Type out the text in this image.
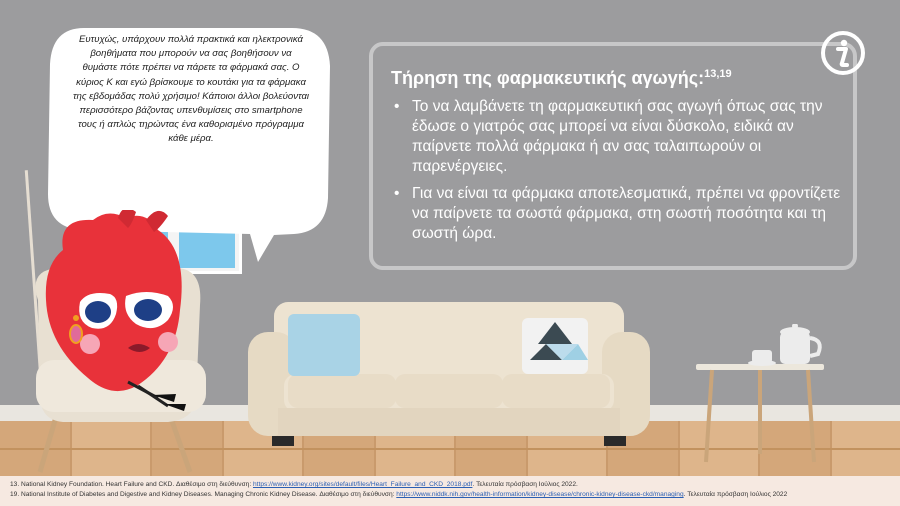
Ευτυχώς, υπάρχουν πολλά πρακτικά και ηλεκτρονικά βοηθήματα που μπορούν να σας βοηθήσουν να θυμάστε πότε πρέπει να πάρετε τα φάρμακά σας. Ο κύριος Κ και εγώ βρίσκουμε το κουτάκι για τα φάρμακα της εβδομάδας πολύ χρήσιμο! Κάποιοι άλλοι βολεύονται περισσότερο βάζοντας υπενθυμίσεις στο smartphone τους ή απλώς τηρώντας ένα καθορισμένο πρόγραμμα κάθε μέρα.
Τήρηση της φαρμακευτικής αγωγής:$^{13,19}$
• Το να λαμβάνετε τη φαρμακευτική σας αγωγή όπως σας την έδωσε ο γιατρός σας μπορεί να είναι δύσκολο, ειδικά αν παίρνετε πολλά φάρμακα ή αν σας ταλαιπωρούν οι παρενέργειες.
• Για να είναι τα φάρμακα αποτελεσματικά, πρέπει να φροντίζετε να παίρνετε τα σωστά φάρμακα, στη σωστή ποσότητα και τη σωστή ώρα.
13. National Kidney Foundation. Heart Failure and CKD. Διαθέσιμο στη διεύθυνση: https://www.kidney.org/sites/default/files/Heart_Failure_and_CKD_2018.pdf. Τελευταία πρόσβαση Ιούλιος 2022.
19. National Institute of Diabetes and Digestive and Kidney Diseases. Managing Chronic Kidney Disease. Διαθέσιμο στη διεύθυνση: https://www.niddk.nih.gov/health-information/kidney-disease/chronic-kidney-disease-ckd/managing. Τελευταία πρόσβαση Ιούλιος 2022
